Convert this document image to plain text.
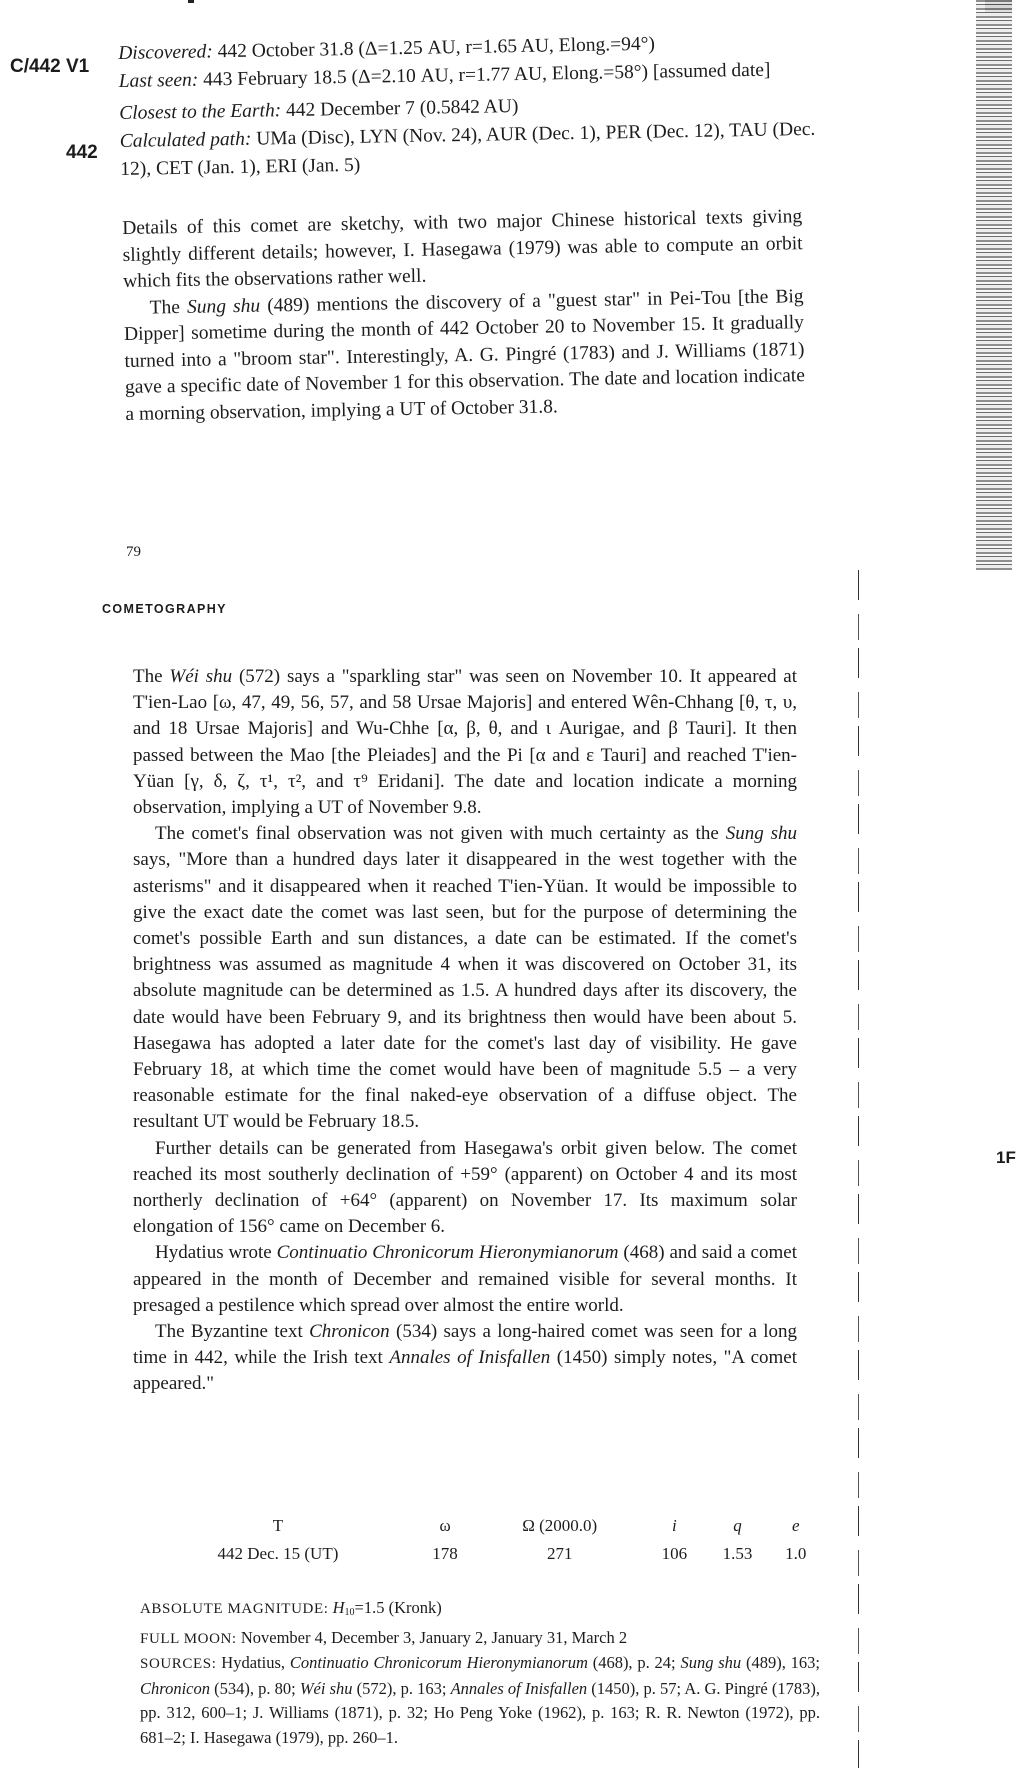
1F
C/442 V1
442
Discovered: 442 October 31.8 (Δ=1.25 AU, r=1.65 AU, Elong.=94°)
Last seen: 443 February 18.5 (Δ=2.10 AU, r=1.77 AU, Elong.=58°) [assumed date]
Closest to the Earth: 442 December 7 (0.5842 AU)
Calculated path: UMa (Disc), LYN (Nov. 24), AUR (Dec. 1), PER (Dec. 12), TAU (Dec. 12), CET (Jan. 1), ERI (Jan. 5)

Details of this comet are sketchy, with two major Chinese historical texts giving slightly different details; however, I. Hasegawa (1979) was able to compute an orbit which fits the observations rather well.

The Sung shu (489) mentions the discovery of a "guest star" in Pei-Tou [the Big Dipper] sometime during the month of 442 October 20 to November 15. It gradually turned into a "broom star". Interestingly, A. G. Pingré (1783) and J. Williams (1871) gave a specific date of November 1 for this observation. The date and location indicate a morning observation, implying a UT of October 31.8.

79
COMETOGRAPHY

The Wéi shu (572) says a "sparkling star" was seen on November 10. It appeared at T'ien-Lao [ω, 47, 49, 56, 57, and 58 Ursae Majoris] and entered Wên-Chhang [θ, τ, υ, and 18 Ursae Majoris] and Wu-Chhe [α, β, θ, and ι Aurigae, and β Tauri]. It then passed between the Mao [the Pleiades] and the Pi [α and ε Tauri] and reached T'ien-Yüan [γ, δ, ζ, τ¹, τ², and τ⁹ Eridani]. The date and location indicate a morning observation, implying a UT of November 9.8.

The comet's final observation was not given with much certainty as the Sung shu says, "More than a hundred days later it disappeared in the west together with the asterisms" and it disappeared when it reached T'ien-Yüan. It would be impossible to give the exact date the comet was last seen, but for the purpose of determining the comet's possible Earth and sun distances, a date can be estimated. If the comet's brightness was assumed as magnitude 4 when it was discovered on October 31, its absolute magnitude can be determined as 1.5. A hundred days after its discovery, the date would have been February 9, and its brightness then would have been about 5. Hasegawa has adopted a later date for the comet's last day of visibility. He gave February 18, at which time the comet would have been of magnitude 5.5 – a very reasonable estimate for the final naked-eye observation of a diffuse object. The resultant UT would be February 18.5.

Further details can be generated from Hasegawa's orbit given below. The comet reached its most southerly declination of +59° (apparent) on October 4 and its most northerly declination of +64° (apparent) on November 17. Its maximum solar elongation of 156° came on December 6.

Hydatius wrote Continuatio Chronicorum Hieronymianorum (468) and said a comet appeared in the month of December and remained visible for several months. It presaged a pestilence which spread over almost the entire world.

The Byzantine text Chronicon (534) says a long-haired comet was seen for a long time in 442, while the Irish text Annales of Inisfallen (1450) simply notes, "A comet appeared."

T	ω	Ω (2000.0)	i	q	e
442 Dec. 15 (UT)	178	271	106	1.53	1.0

ABSOLUTE MAGNITUDE: $H_{10}=1.5$ (Kronk)

FULL MOON: November 4, December 3, January 2, January 31, March 2

SOURCES: Hydatius, Continuatio Chronicorum Hieronymianorum (468), p. 24; Sung shu (489), 163; Chronicon (534), p. 80; Wéi shu (572), p. 163; Annales of Inisfallen (1450), p. 57; A. G. Pingré (1783), pp. 312, 600–1; J. Williams (1871), p. 32; Ho Peng Yoke (1962), p. 163; R. R. Newton (1972), pp. 681–2; I. Hasegawa (1979), pp. 260–1.
